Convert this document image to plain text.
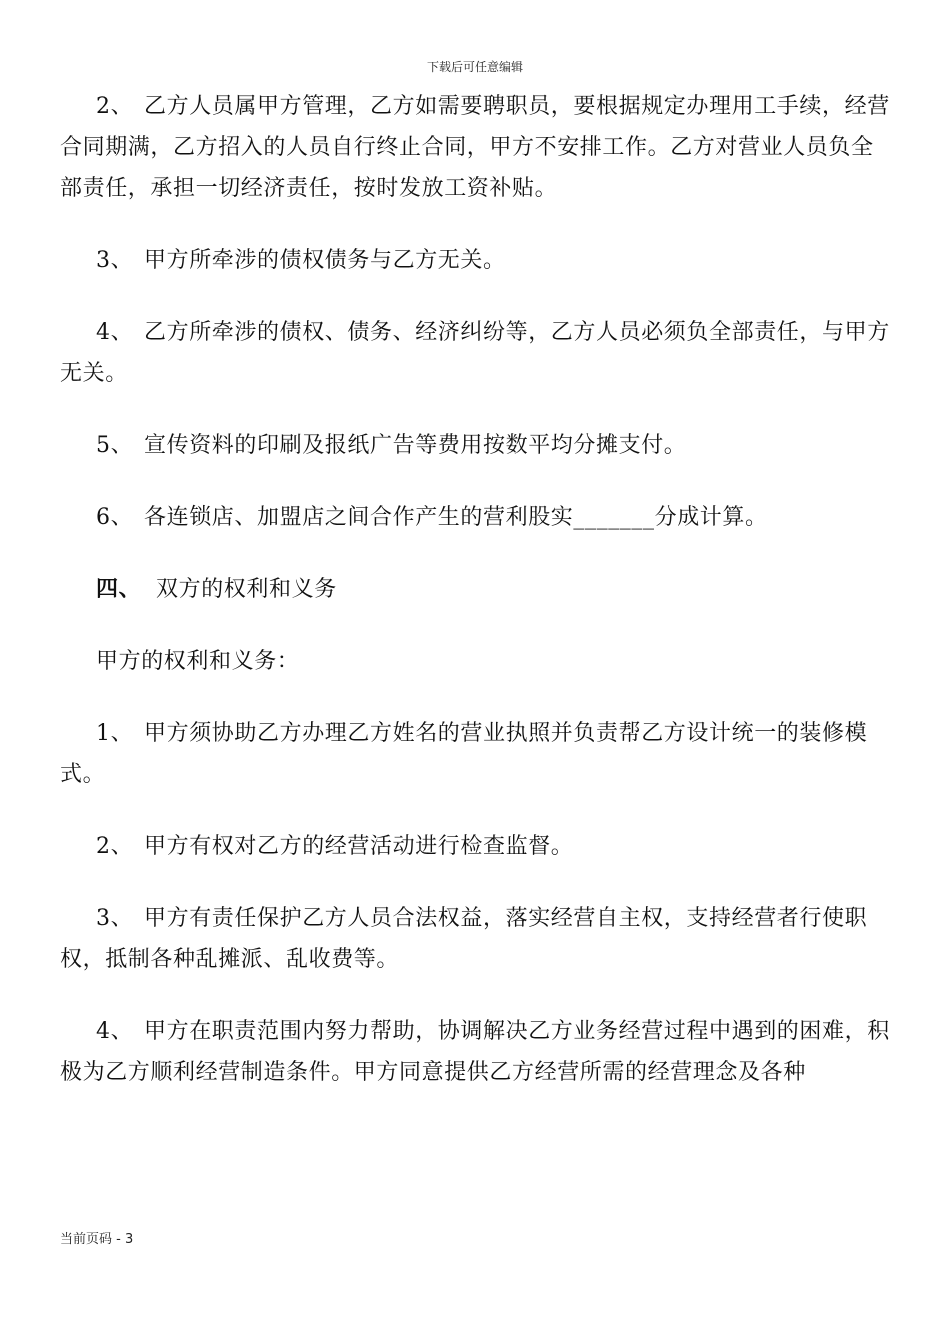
下载后可任意编辑

2、 乙方人员属甲方管理，乙方如需要聘职员，要根据规定办理用工手续，经营合同期满，乙方招入的人员自行终止合同，甲方不安排工作。乙方对营业人员负全部责任，承担一切经济责任，按时发放工资补贴。

3、 甲方所牵涉的债权债务与乙方无关。

4、 乙方所牵涉的债权、债务、经济纠纷等，乙方人员必须负全部责任，与甲方无关。

5、 宣传资料的印刷及报纸广告等费用按数平均分摊支付。

6、 各连锁店、加盟店之间合作产生的营利股实_______分成计算。

四、 双方的权利和义务

甲方的权利和义务：

1、 甲方须协助乙方办理乙方姓名的营业执照并负责帮乙方设计统一的装修模式。

2、 甲方有权对乙方的经营活动进行检查监督。

3、 甲方有责任保护乙方人员合法权益，落实经营自主权，支持经营者行使职权，抵制各种乱摊派、乱收费等。

4、 甲方在职责范围内努力帮助，协调解决乙方业务经营过程中遇到的困难，积极为乙方顺利经营制造条件。甲方同意提供乙方经营所需的经营理念及各种

当前页码 - 3
